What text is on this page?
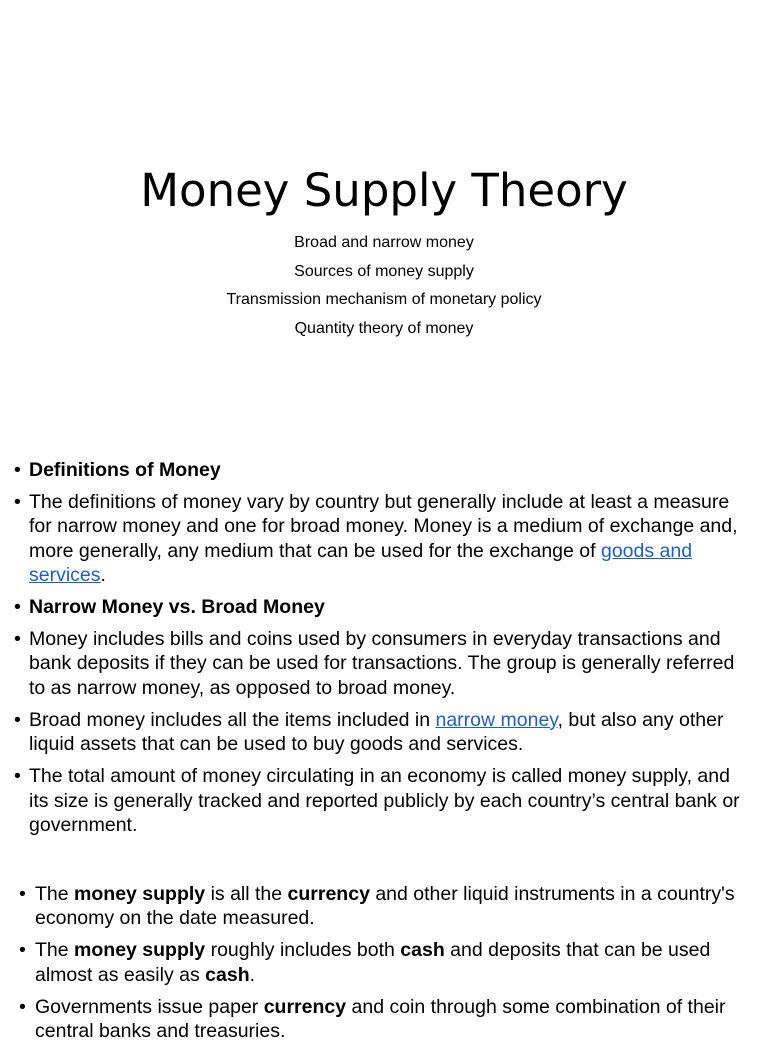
Money Supply Theory
Broad and narrow money
Sources of money supply
Transmission mechanism of monetary policy
Quantity theory of money
• Definitions of Money
• The definitions of money vary by country but generally include at least a measure for narrow money and one for broad money. Money is a medium of exchange and, more generally, any medium that can be used for the exchange of goods and services.
• Narrow Money vs. Broad Money
• Money includes bills and coins used by consumers in everyday transactions and bank deposits if they can be used for transactions. The group is generally referred to as narrow money, as opposed to broad money.
• Broad money includes all the items included in narrow money, but also any other liquid assets that can be used to buy goods and services.
• The total amount of money circulating in an economy is called money supply, and its size is generally tracked and reported publicly by each country’s central bank or government.
• The money supply is all the currency and other liquid instruments in a country's economy on the date measured.
• The money supply roughly includes both cash and deposits that can be used almost as easily as cash.
• Governments issue paper currency and coin through some combination of their central banks and treasuries.
